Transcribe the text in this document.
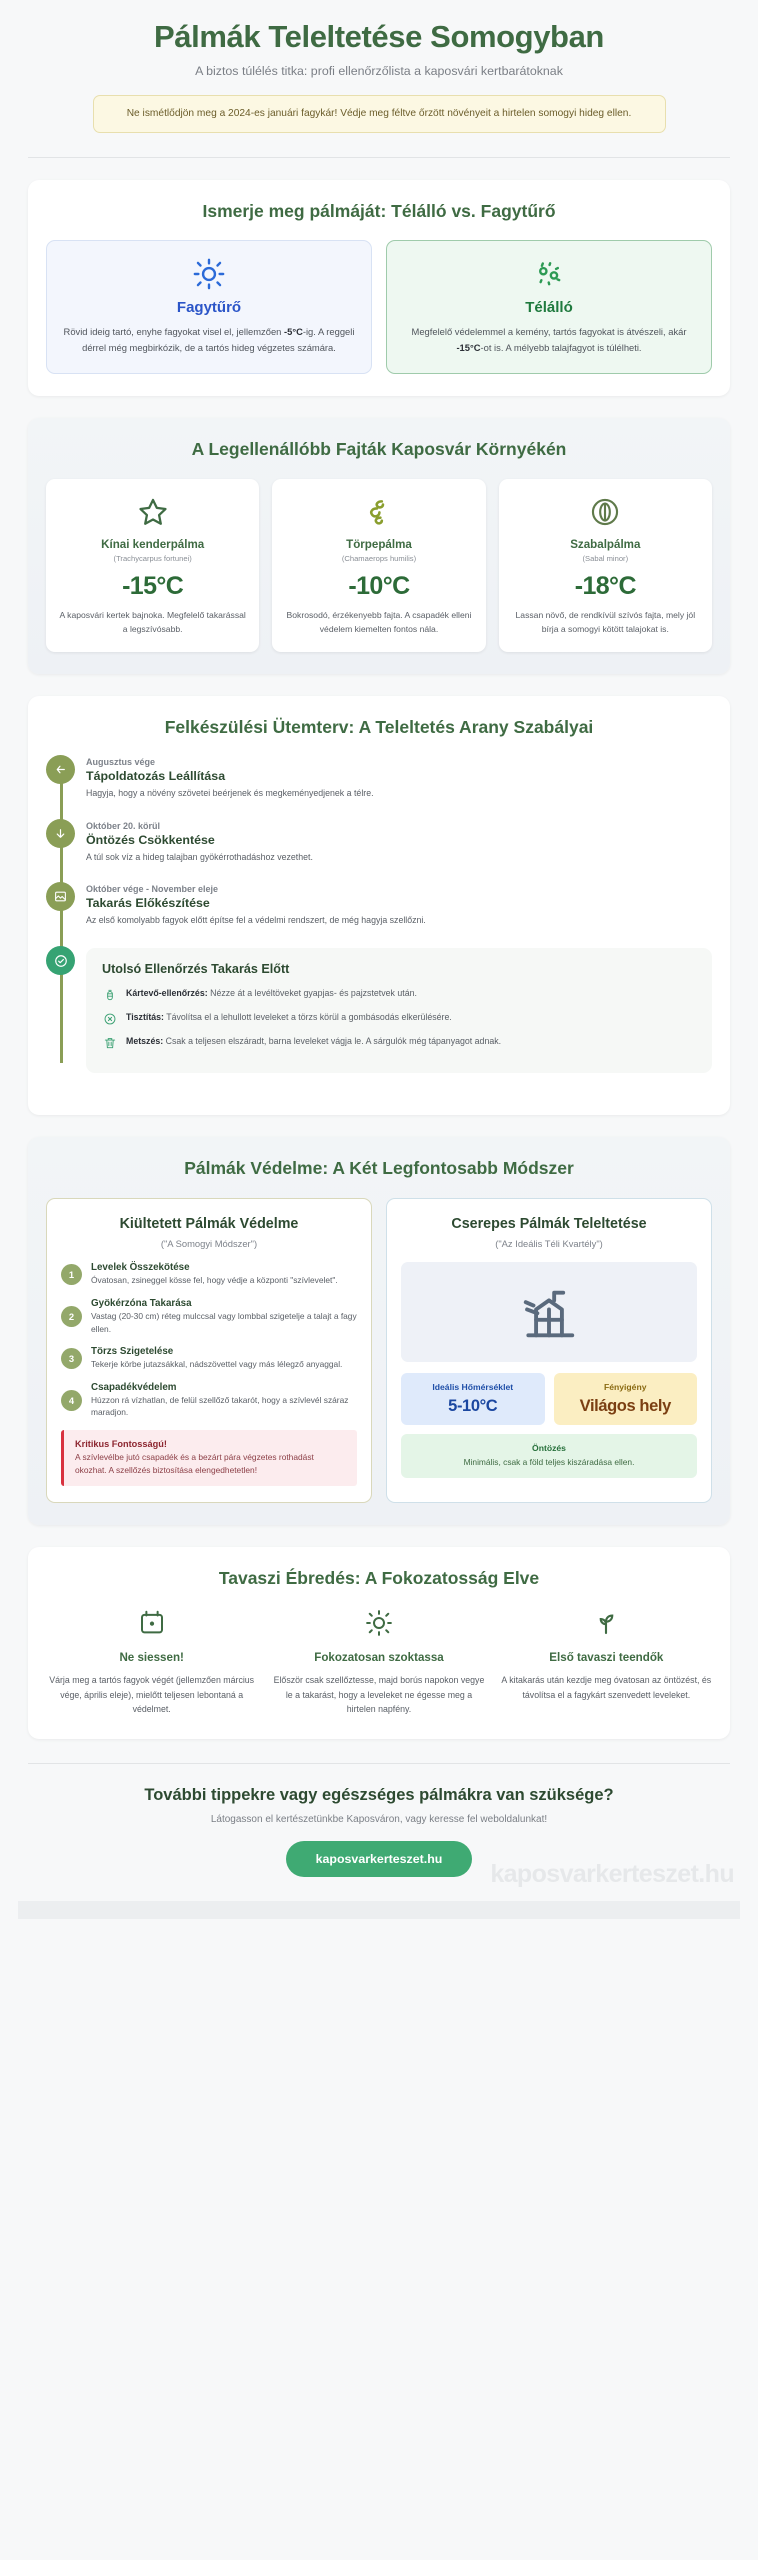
Pálmák Teleltetése Somogyban
A biztos túlélés titka: profi ellenőrzőlista a kaposvári kertbarátoknak
Ne ismétlődjön meg a 2024-es januári fagykár! Védje meg féltve őrzött növényeit a hirtelen somogyi hideg ellen.
Ismerje meg pálmáját: Télálló vs. Fagytűrő
Fagytűrő
Rövid ideig tartó, enyhe fagyokat visel el, jellemzően -5°C-ig. A reggeli dérrel még megbirkózik, de a tartós hideg végzetes számára.
Télálló
Megfelelő védelemmel a kemény, tartós fagyokat is átvészeli, akár -15°C-ot is. A mélyebb talajfagyot is túlélheti.
A Legellenállóbb Fajták Kaposvár Környékén
Kínai kenderpálma
(Trachycarpus fortunei)
-15°C
A kaposvári kertek bajnoka. Megfelelő takarással a legszívósabb.
Törpepálma
(Chamaerops humilis)
-10°C
Bokrosodó, érzékenyebb fajta. A csapadék elleni védelem kiemelten fontos nála.
Szabalpálma
(Sabal minor)
-18°C
Lassan növő, de rendkívül szívós fajta, mely jól bírja a somogyi kötött talajokat is.
Felkészülési Ütemterv: A Teleltetés Arany Szabályai
Augusztus vége
Tápoldatozás Leállítása
Hagyja, hogy a növény szövetei beérjenek és megkeményedjenek a télre.
Október 20. körül
Öntözés Csökkentése
A túl sok víz a hideg talajban gyökérrothadáshoz vezethet.
Október vége - November eleje
Takarás Előkészítése
Az első komolyabb fagyok előtt építse fel a védelmi rendszert, de még hagyja szellőzni.
Utolsó Ellenőrzés Takarás Előtt
Kártevő-ellenőrzés: Nézze át a levéltöveket gyapjas- és pajzstetvek után.
Tisztítás: Távolítsa el a lehullott leveleket a törzs körül a gombásodás elkerülésére.
Metszés: Csak a teljesen elszáradt, barna leveleket vágja le. A sárgulók még tápanyagot adnak.
Pálmák Védelme: A Két Legfontosabb Módszer
Kiültetett Pálmák Védelme
("A Somogyi Módszer")
1
Levelek Összekötése
Óvatosan, zsineggel kösse fel, hogy védje a központi "szívlevelet".
2
Gyökérzóna Takarása
Vastag (20-30 cm) réteg mulccsal vagy lombbal szigetelje a talajt a fagy ellen.
3
Törzs Szigetelése
Tekerje körbe jutazsákkal, nádszövettel vagy más lélegző anyaggal.
4
Csapadékvédelem
Húzzon rá vízhatlan, de felül szellőző takarót, hogy a szívlevél száraz maradjon.
Kritikus Fontosságú!
A szívlevélbe jutó csapadék és a bezárt pára végzetes rothadást okozhat. A szellőzés biztosítása elengedhetetlen!
Cserepes Pálmák Teleltetése
("Az Ideális Téli Kvartély")
Ideális Hőmérséklet
5-10°C
Fényigény
Világos hely
Öntözés
Minimális, csak a föld teljes kiszáradása ellen.
Tavaszi Ébredés: A Fokozatosság Elve
Ne siessen!
Várja meg a tartós fagyok végét (jellemzően március vége, április eleje), mielőtt teljesen lebontaná a védelmet.
Fokozatosan szoktassa
Először csak szellőztesse, majd borús napokon vegye le a takarást, hogy a leveleket ne égesse meg a hirtelen napfény.
Első tavaszi teendők
A kitakarás után kezdje meg óvatosan az öntözést, és távolítsa el a fagykárt szenvedett leveleket.
További tippekre vagy egészséges pálmákra van szüksége?

Látogasson el kertészetünkbe Kaposváron, vagy keresse fel weboldalunkat!

kaposvarkerteszet.hu
kaposvarkerteszet.hu
